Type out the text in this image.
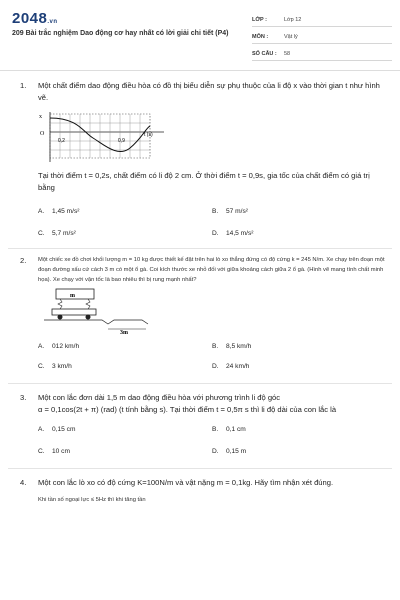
2048.vn
209 Bài trắc nghiệm Dao động cơ hay nhất có lời giải chi tiết (P4)
LỚP :	Lớp 12
MÔN :	Vật lý
SỐ CÂU :	58
1. Một chất điểm dao động điều hòa có đồ thị biểu diễn sự phụ thuộc của li độ x vào thời gian t như hình vẽ.
x
O
0,2	0,9
t (s)
Tại thời điểm t = 0,2s, chất điểm có li độ 2 cm. Ở thời điểm t = 0,9s, gia tốc của chất điểm có giá trị bằng
A.	1,45 m/s²	B.	57 m/s²
C.	5,7 m/s²	D.	14,5 m/s²
2. Một chiếc xe đồ chơi khối lượng m = 10 kg được thiết kế đặt trên hai lò xo thẳng đứng có độ cứng k = 245 N/m. Xe chạy trên đoạn một đoạn đường xấu cứ cách 3 m có một ổ gà. Coi kích thước xe nhỏ đối với giữa khoảng cách giữa 2 ổ gà. (Hình vẽ mang tính chất minh họa). Xe chạy với vận tốc là bao nhiêu thì bị rung mạnh nhất?
m
3m
A.	012 km/h	B.	8,5 km/h
C.	3 km/h	D.	24 km/h
3. Một con lắc đơn dài 1,5 m dao động điều hòa với phương trình li độ góc
α = 0,1cos(2t + π) (rad) (t tính bằng s). Tại thời điểm t = 0,5π s thì li độ dài của con lắc là
A.	0,15 cm	B.	0,1 cm
C.	10 cm	D.	0,15 m
4. Một con lắc lò xo có độ cứng K=100N/m và vật nặng m = 0,1kg. Hãy tìm nhận xét đúng.
Khi tần số ngoại lực ≤ 5Hz thì khi tăng tần
